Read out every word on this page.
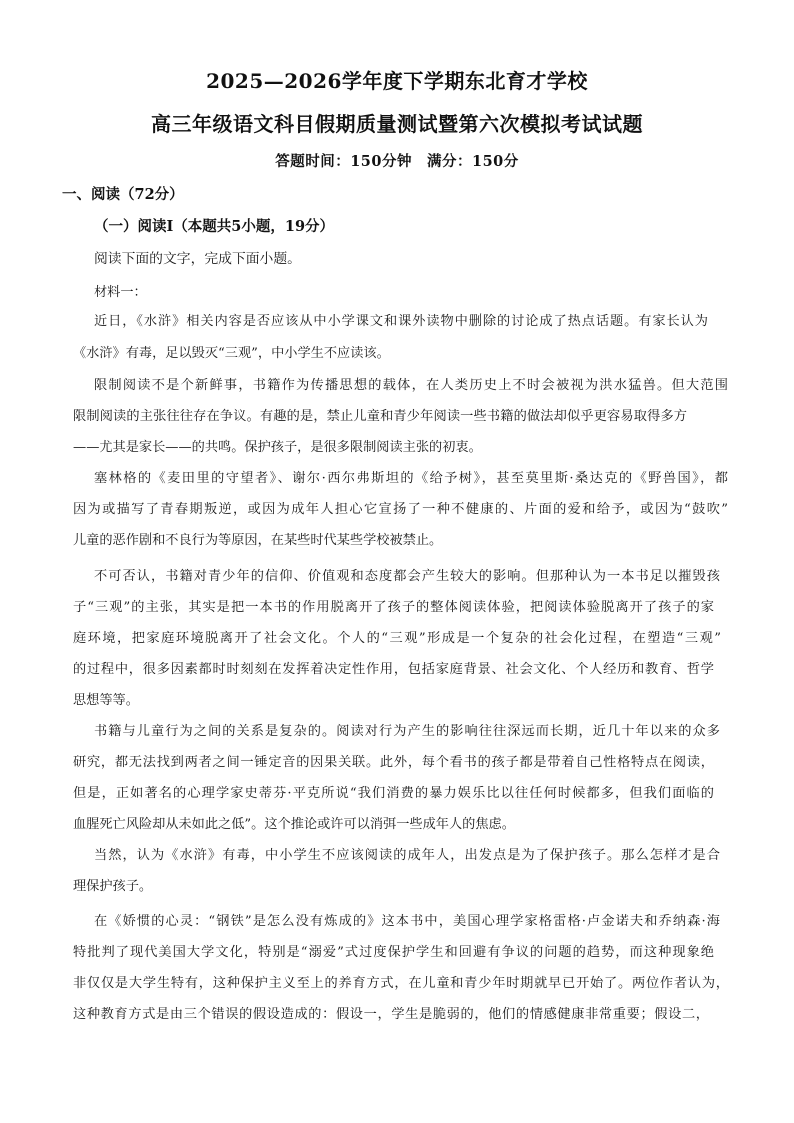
2025—2026学年度下学期东北育才学校
高三年级语文科目假期质量测试暨第六次模拟考试试题
答题时间：150分钟　满分：150分
一、阅读（72分）
（一）阅读Ⅰ（本题共5小题，19分）
阅读下面的文字，完成下面小题。
材料一：
近日，《水浒》相关内容是否应该从中小学课文和课外读物中删除的讨论成了热点话题。有家长认为
《水浒》有毒，足以毁灭“三观”，中小学生不应读该。
限制阅读不是个新鲜事，书籍作为传播思想的载体，在人类历史上不时会被视为洪水猛兽。但大范围
限制阅读的主张往往存在争议。有趣的是，禁止儿童和青少年阅读一些书籍的做法却似乎更容易取得多方
——尤其是家长——的共鸣。保护孩子，是很多限制阅读主张的初衷。
塞林格的《麦田里的守望者》、谢尔·西尔弗斯坦的《给予树》，甚至莫里斯·桑达克的《野兽国》，都
因为或描写了青春期叛逆，或因为成年人担心它宣扬了一种不健康的、片面的爱和给予，或因为“鼓吹”
儿童的恶作剧和不良行为等原因，在某些时代某些学校被禁止。
不可否认，书籍对青少年的信仰、价值观和态度都会产生较大的影响。但那种认为一本书足以摧毁孩
子“三观”的主张，其实是把一本书的作用脱离开了孩子的整体阅读体验，把阅读体验脱离开了孩子的家
庭环境，把家庭环境脱离开了社会文化。个人的“三观”形成是一个复杂的社会化过程，在塑造“三观”
的过程中，很多因素都时时刻刻在发挥着决定性作用，包括家庭背景、社会文化、个人经历和教育、哲学
思想等等。
书籍与儿童行为之间的关系是复杂的。阅读对行为产生的影响往往深远而长期，近几十年以来的众多
研究，都无法找到两者之间一锤定音的因果关联。此外，每个看书的孩子都是带着自己性格特点在阅读，
但是，正如著名的心理学家史蒂芬·平克所说“我们消费的暴力娱乐比以往任何时候都多，但我们面临的
血腥死亡风险却从未如此之低”。这个推论或许可以消弭一些成年人的焦虑。
当然，认为《水浒》有毒，中小学生不应该阅读的成年人，出发点是为了保护孩子。那么怎样才是合
理保护孩子。
在《娇惯的心灵：“钢铁”是怎么没有炼成的》这本书中，美国心理学家格雷格·卢金诺夫和乔纳森·海
特批判了现代美国大学文化，特别是“溺爱”式过度保护学生和回避有争议的问题的趋势，而这种现象绝
非仅仅是大学生特有，这种保护主义至上的养育方式，在儿童和青少年时期就早已开始了。两位作者认为，
这种教育方式是由三个错误的假设造成的：假设一，学生是脆弱的，他们的情感健康非常重要；假设二，
